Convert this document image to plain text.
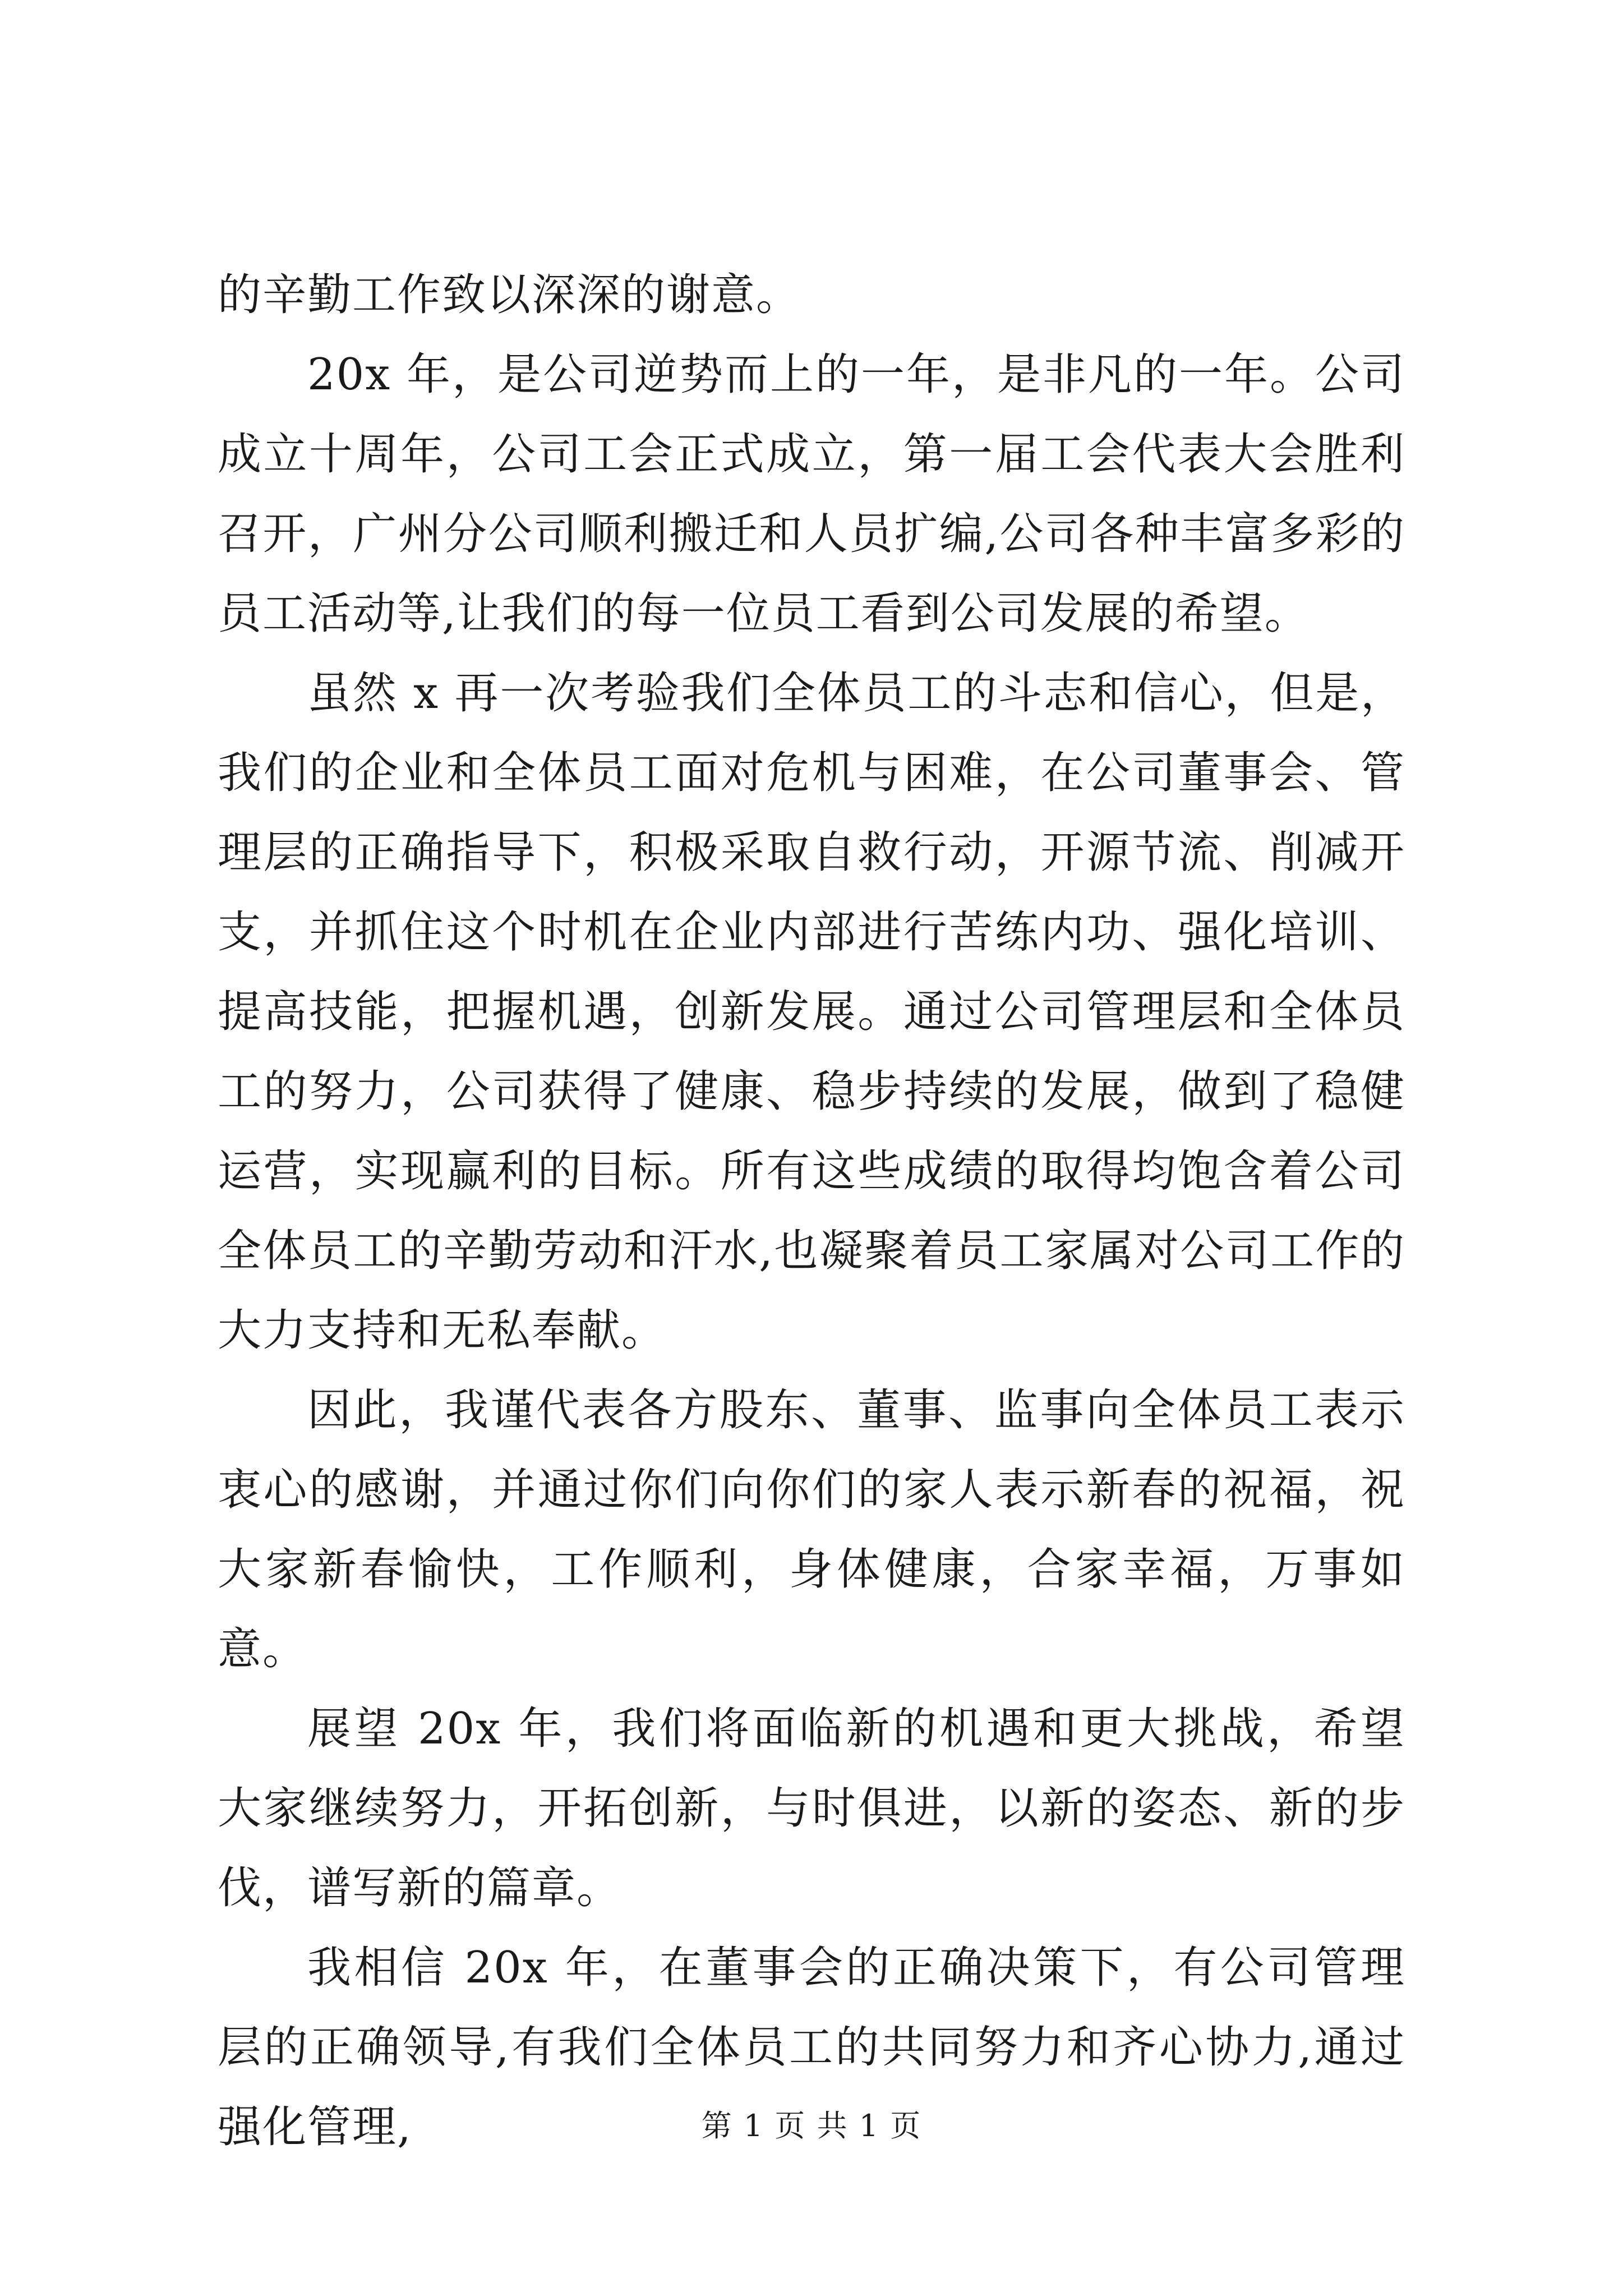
的辛勤工作致以深深的谢意。

20x 年，是公司逆势而上的一年，是非凡的一年。公司成立十周年，公司工会正式成立，第一届工会代表大会胜利召开，广州分公司顺利搬迁和人员扩编,公司各种丰富多彩的员工活动等,让我们的每一位员工看到公司发展的希望。

虽然 x 再一次考验我们全体员工的斗志和信心，但是，我们的企业和全体员工面对危机与困难，在公司董事会、管理层的正确指导下，积极采取自救行动，开源节流、削减开支，并抓住这个时机在企业内部进行苦练内功、强化培训、提高技能，把握机遇，创新发展。通过公司管理层和全体员工的努力，公司获得了健康、稳步持续的发展，做到了稳健运营，实现赢利的目标。所有这些成绩的取得均饱含着公司全体员工的辛勤劳动和汗水,也凝聚着员工家属对公司工作的大力支持和无私奉献。

因此，我谨代表各方股东、董事、监事向全体员工表示衷心的感谢，并通过你们向你们的家人表示新春的祝福，祝大家新春愉快，工作顺利，身体健康，合家幸福，万事如意。

展望 20x 年，我们将面临新的机遇和更大挑战，希望大家继续努力，开拓创新，与时俱进，以新的姿态、新的步伐，谱写新的篇章。

我相信 20x 年，在董事会的正确决策下，有公司管理层的正确领导,有我们全体员工的共同努力和齐心协力,通过强化管理,	第 1 页 共 1 页
